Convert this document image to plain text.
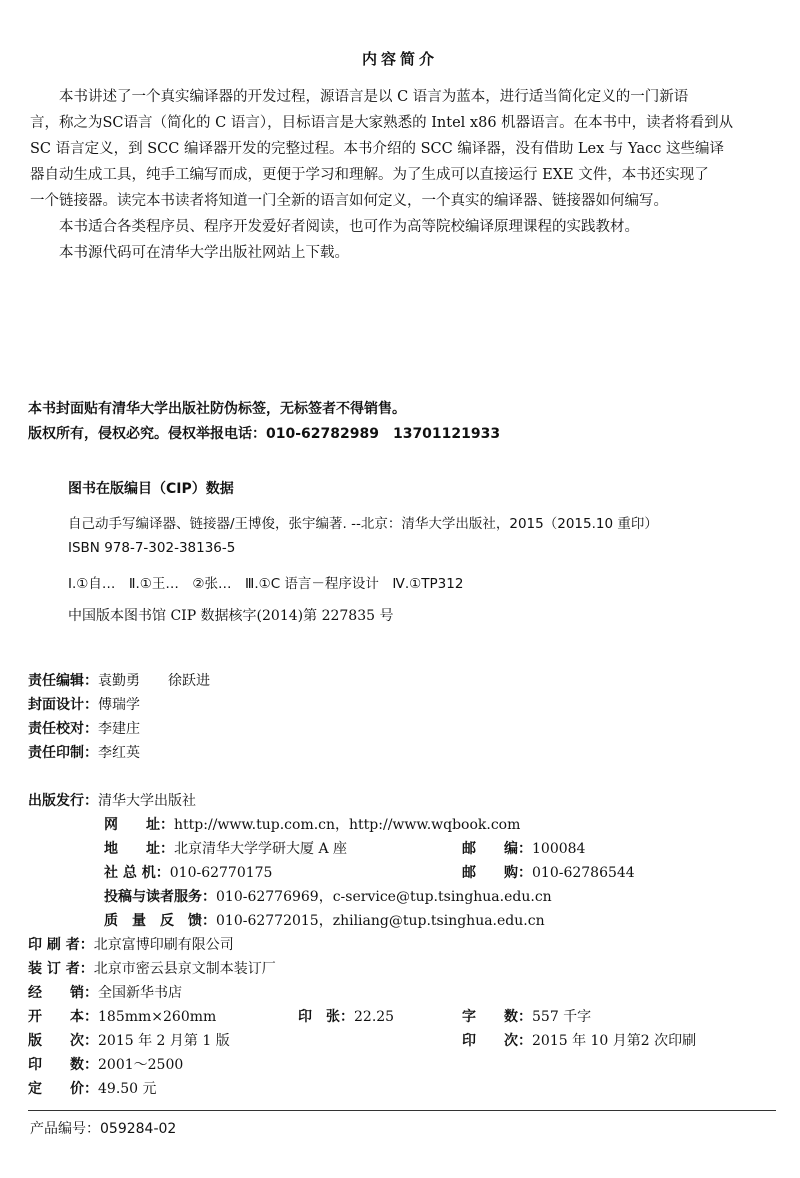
内容简介
本书讲述了一个真实编译器的开发过程，源语言是以 C 语言为蓝本，进行适当简化定义的一门新语
言，称之为SC语言（简化的 C 语言），目标语言是大家熟悉的 Intel x86 机器语言。在本书中，读者将看到从
SC 语言定义，到 SCC 编译器开发的完整过程。本书介绍的 SCC 编译器，没有借助 Lex 与 Yacc 这些编译
器自动生成工具，纯手工编写而成，更便于学习和理解。为了生成可以直接运行 EXE 文件，本书还实现了
一个链接器。读完本书读者将知道一门全新的语言如何定义，一个真实的编译器、链接器如何编写。
本书适合各类程序员、程序开发爱好者阅读，也可作为高等院校编译原理课程的实践教材。
本书源代码可在清华大学出版社网站上下载。
本书封面贴有清华大学出版社防伪标签，无标签者不得销售。
版权所有，侵权必究。侵权举报电话：010-62782989　13701121933
图书在版编目（CIP）数据
自己动手写编译器、链接器/王博俊，张宇编著. --北京：清华大学出版社，2015（2015.10 重印）
ISBN 978-7-302-38136-5
Ⅰ.①自…　Ⅱ.①王…　②张…　Ⅲ.①C 语言－程序设计　Ⅳ.①TP312
中国版本图书馆 CIP 数据核字(2014)第 227835 号
责任编辑：袁勤勇　　徐跃进
封面设计：傅瑞学
责任校对：李建庄
责任印制：李红英
出版发行：清华大学出版社
网　　址：http://www.tup.com.cn，http://www.wqbook.com
地　　址：北京清华大学学研大厦 A 座	邮　　编：100084
社 总 机：010-62770175	邮　　购：010-62786544
投稿与读者服务：010-62776969，c-service@tup.tsinghua.edu.cn
质　量　反　馈：010-62772015，zhiliang@tup.tsinghua.edu.cn
印 刷 者：北京富博印刷有限公司
装 订 者：北京市密云县京文制本装订厂
经　　销：全国新华书店
开　　本：185mm×260mm	印　张：22.25	字　　数：557 千字
版　　次：2015 年 2 月第 1 版	印　　次：2015 年 10 月第2 次印刷
印　　数：2001～2500
定　　价：49.50 元
产品编号：059284-02
